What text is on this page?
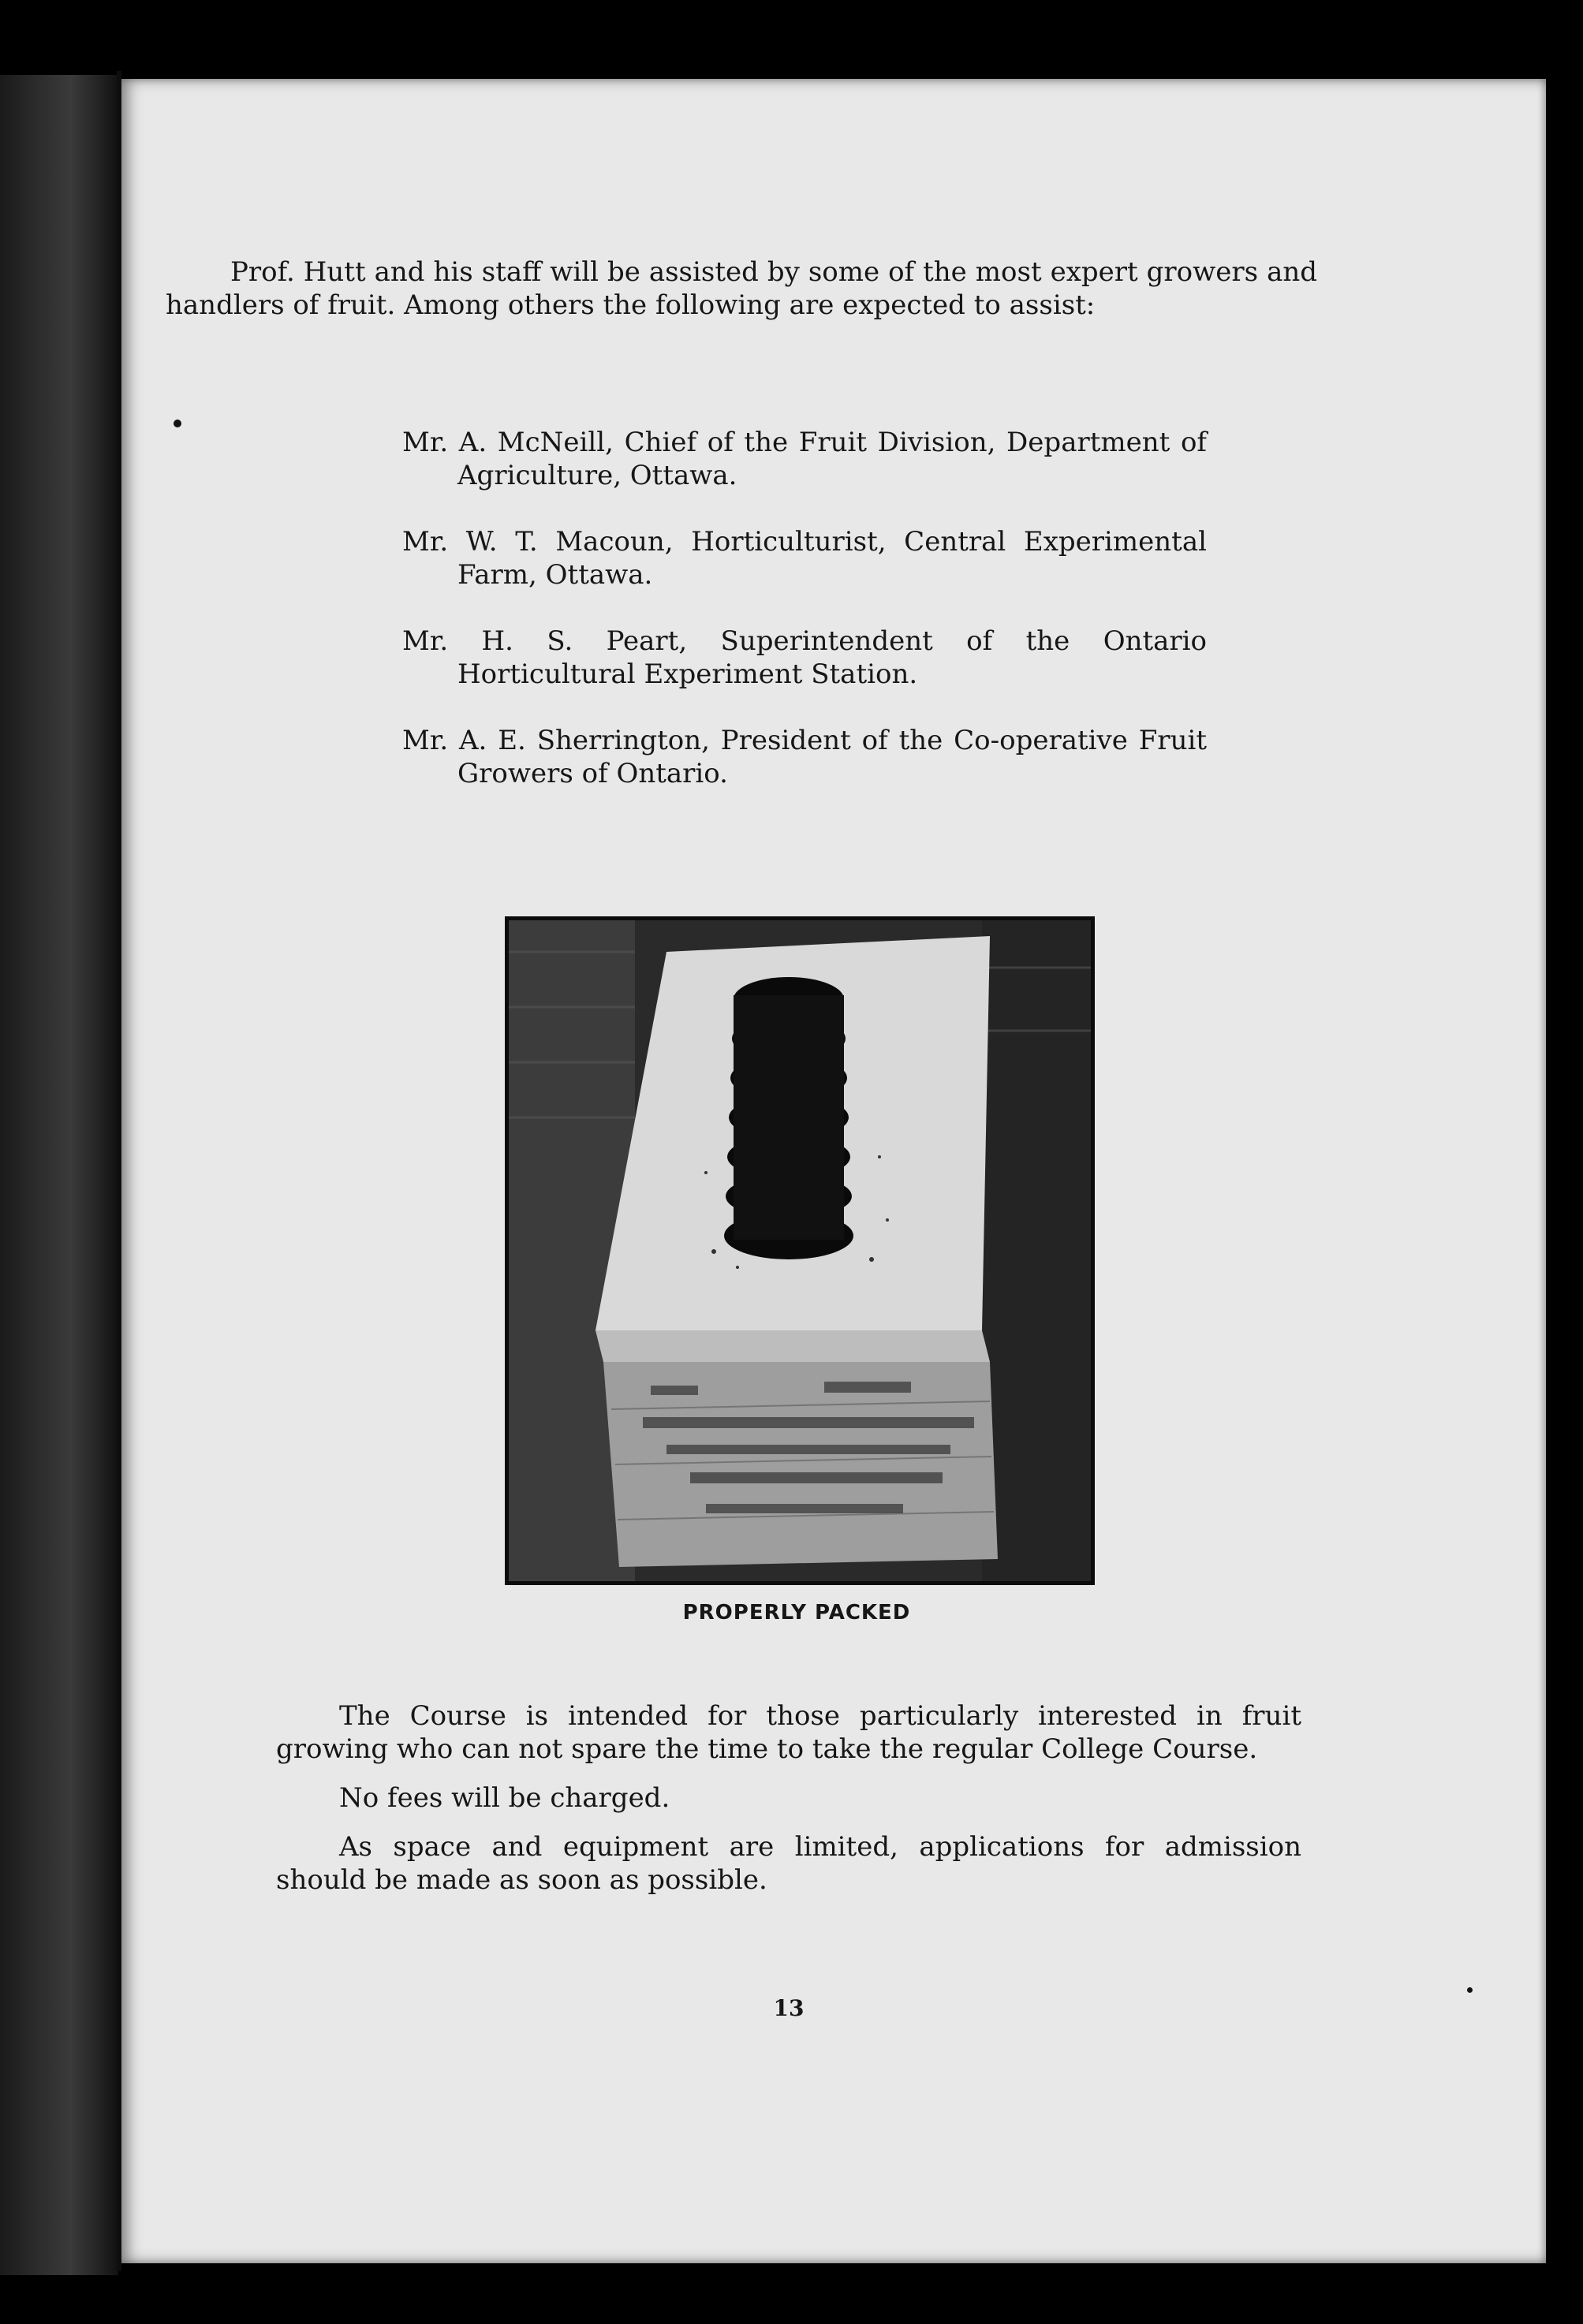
Prof. Hutt and his staff will be assisted by some of the most expert growers and handlers of fruit. Among others the following are expected to assist:

Mr. A. McNeill, Chief of the Fruit Division, Department of Agriculture, Ottawa.
Mr. W. T. Macoun, Horticulturist, Central Experimental Farm, Ottawa.
Mr. H. S. Peart, Superintendent of the Ontario Horticultural Experiment Station.
Mr. A. E. Sherrington, President of the Co-operative Fruit Growers of Ontario.
PROPERLY PACKED

The Course is intended for those particularly interested in fruit growing who can not spare the time to take the regular College Course.

No fees will be charged.

As space and equipment are limited, applications for admission should be made as soon as possible.

13
